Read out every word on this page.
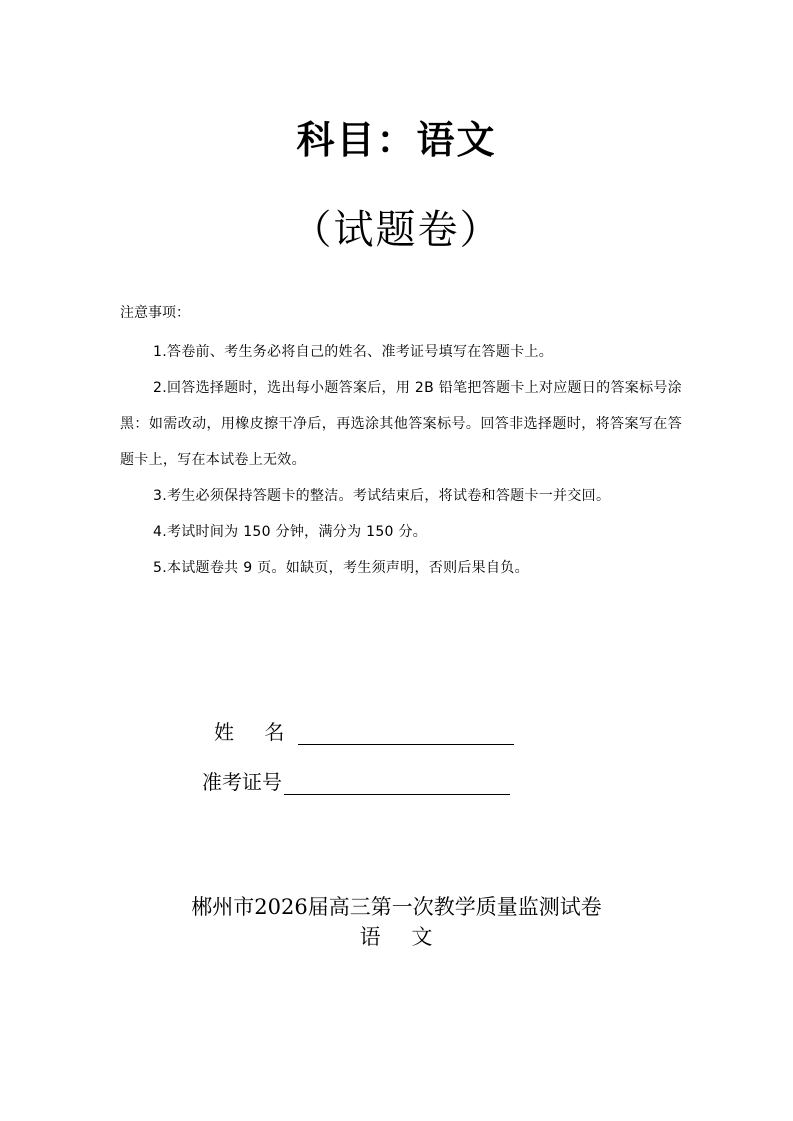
科目：语文
（试题卷）
注意事项：
1.答卷前、考生务必将自己的姓名、准考证号填写在答题卡上。
2.回答选择题时，选出每小题答案后，用 2B 铅笔把答题卡上对应题日的答案标号涂黑：如需改动，用橡皮擦干净后，再选涂其他答案标号。回答非选择题时，将答案写在答题卡上，写在本试卷上无效。
3.考生必须保持答题卡的整洁。考试结束后，将试卷和答题卡一并交回。
4.考试时间为 150 分钟，满分为 150 分。
5.本试题卷共 9 页。如缺页，考生须声明，否则后果自负。
姓 名
准考证号
郴州市2026届高三第一次教学质量监测试卷
语　 文
